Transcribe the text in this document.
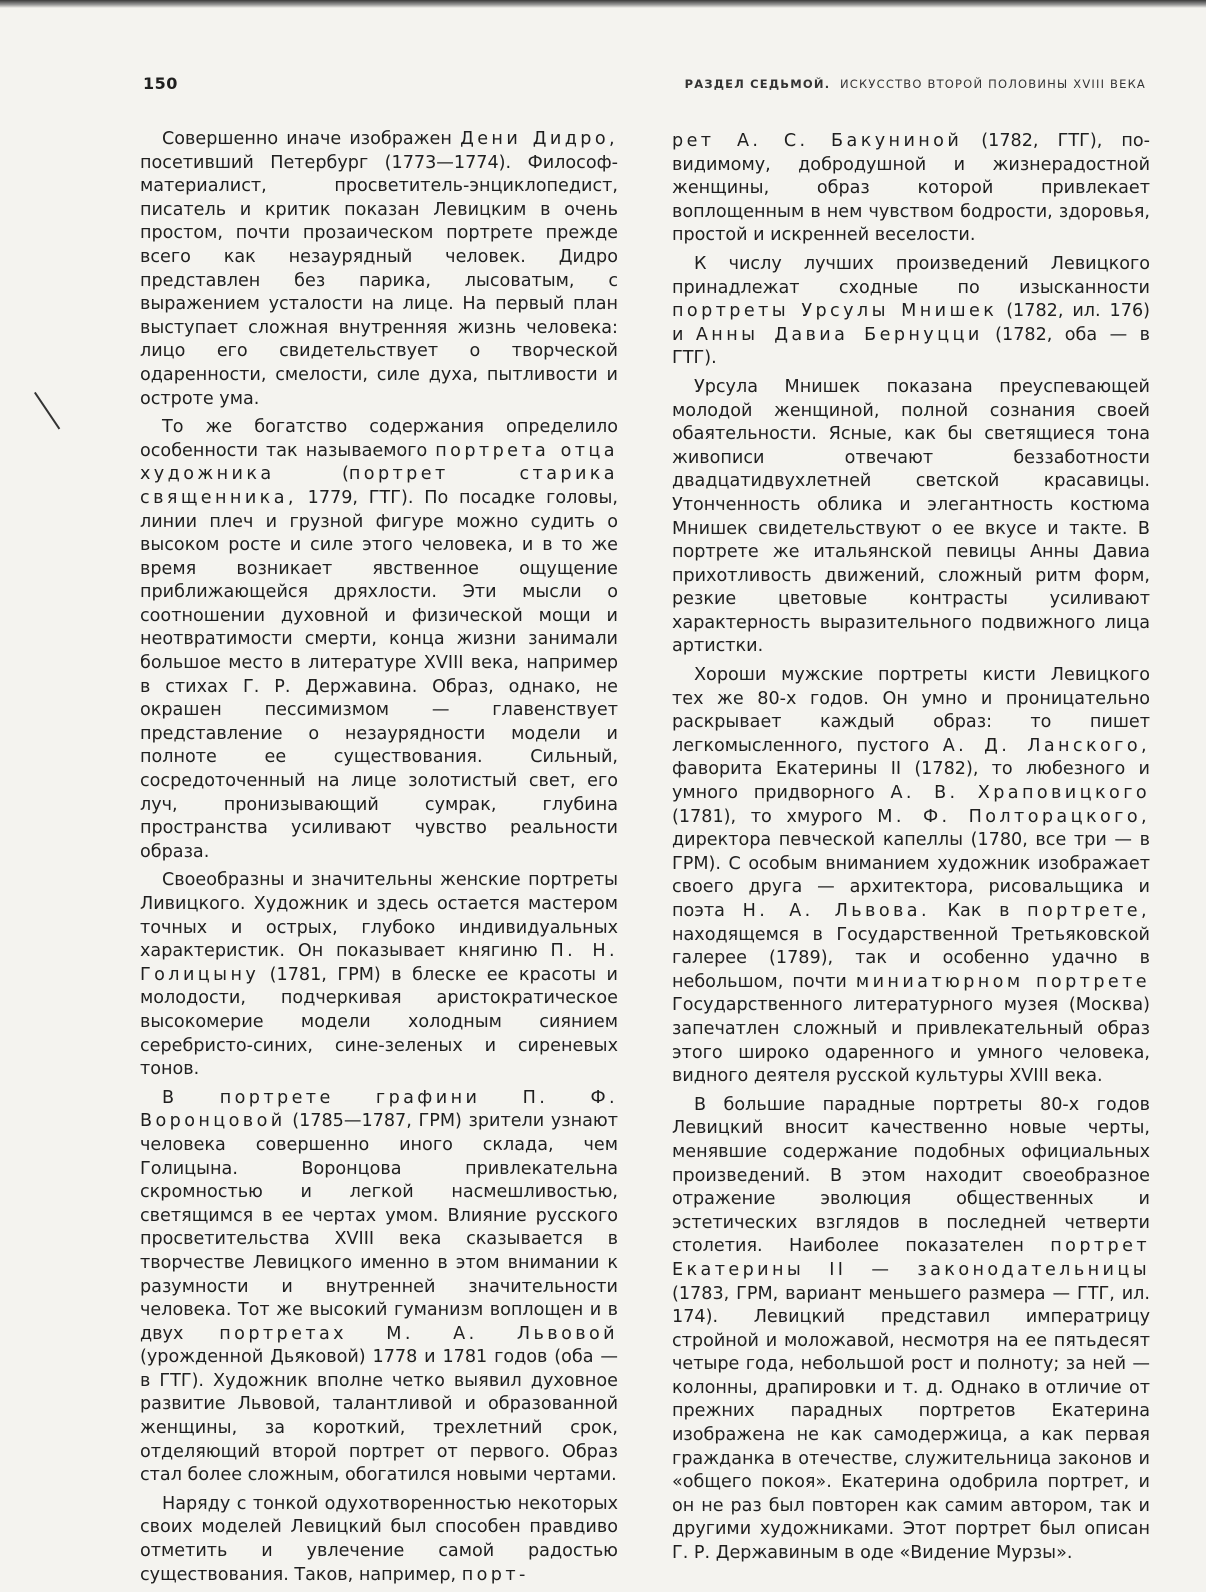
150	РАЗДЕЛ СЕДЬМОЙ. ИСКУССТВО ВТОРОЙ ПОЛОВИНЫ XVIII ВЕКА

Совершенно иначе изображен Дени Дидро, посетивший Петербург (1773—1774). Философ-материалист, просветитель-энциклопедист, писатель и критик показан Левицким в очень простом, почти прозаическом портрете прежде всего как незаурядный человек. Дидро представлен без парика, лысоватым, с выражением усталости на лице. На первый план выступает сложная внутренняя жизнь человека: лицо его свидетельствует о творческой одаренности, смелости, силе духа, пытливости и остроте ума.

То же богатство содержания определило особенности так называемого портрета отца художника (портрет старика священника, 1779, ГТГ). По посадке головы, линии плеч и грузной фигуре можно судить о высоком росте и силе этого человека, и в то же время возникает явственное ощущение приближающейся дряхлости. Эти мысли о соотношении духовной и физической мощи и неотвратимости смерти, конца жизни занимали большое место в литературе XVIII века, например в стихах Г. Р. Державина. Образ, однако, не окрашен пессимизмом — главенствует представление о незаурядности модели и полноте ее существования. Сильный, сосредоточенный на лице золотистый свет, его луч, пронизывающий сумрак, глубина пространства усиливают чувство реальности образа.

Своеобразны и значительны женские портреты Ливицкого. Художник и здесь остается мастером точных и острых, глубоко индивидуальных характеристик. Он показывает княгиню П. Н. Голицыну (1781, ГРМ) в блеске ее красоты и молодости, подчеркивая аристократическое высокомерие модели холодным сиянием серебристо-синих, сине-зеленых и сиреневых тонов.

В портрете графини П. Ф. Воронцовой (1785—1787, ГРМ) зрители узнают человека совершенно иного склада, чем Голицына. Воронцова привлекательна скромностью и легкой насмешливостью, светящимся в ее чертах умом. Влияние русского просветительства XVIII века сказывается в творчестве Левицкого именно в этом внимании к разумности и внутренней значительности человека. Тот же высокий гуманизм воплощен и в двух портретах М. А. Львовой (урожденной Дьяковой) 1778 и 1781 годов (оба — в ГТГ). Художник вполне четко выявил духовное развитие Львовой, талантливой и образованной женщины, за короткий, трехлетний срок, отделяющий второй портрет от первого. Образ стал более сложным, обогатился новыми чертами.

Наряду с тонкой одухотворенностью некоторых своих моделей Левицкий был способен правдиво отметить и увлечение самой радостью существования. Таков, например, порт-

рет А. С. Бакуниной (1782, ГТГ), по-видимому, добродушной и жизнерадостной женщины, образ которой привлекает воплощенным в нем чувством бодрости, здоровья, простой и искренней веселости.

К числу лучших произведений Левицкого принадлежат сходные по изысканности портреты Урсулы Мнишек (1782, ил. 176) и Анны Давиа Бернуцци (1782, оба — в ГТГ).

Урсула Мнишек показана преуспевающей молодой женщиной, полной сознания своей обаятельности. Ясные, как бы светящиеся тона живописи отвечают беззаботности двадцатидвухлетней светской красавицы. Утонченность облика и элегантность костюма Мнишек свидетельствуют о ее вкусе и такте. В портрете же итальянской певицы Анны Давиа прихотливость движений, сложный ритм форм, резкие цветовые контрасты усиливают характерность выразительного подвижного лица артистки.

Хороши мужские портреты кисти Левицкого тех же 80-х годов. Он умно и проницательно раскрывает каждый образ: то пишет легкомысленного, пустого А. Д. Ланского, фаворита Екатерины II (1782), то любезного и умного придворного А. В. Храповицкого (1781), то хмурого М. Ф. Полторацкого, директора певческой капеллы (1780, все три — в ГРМ). С особым вниманием художник изображает своего друга — архитектора, рисовальщика и поэта Н. А. Львова. Как в портрете, находящемся в Государственной Третьяковской галерее (1789), так и особенно удачно в небольшом, почти миниатюрном портрете Государственного литературного музея (Москва) запечатлен сложный и привлекательный образ этого широко одаренного и умного человека, видного деятеля русской культуры XVIII века.

В большие парадные портреты 80-х годов Левицкий вносит качественно новые черты, менявшие содержание подобных официальных произведений. В этом находит своеобразное отражение эволюция общественных и эстетических взглядов в последней четверти столетия. Наиболее показателен портрет Екатерины II — законодательницы (1783, ГРМ, вариант меньшего размера — ГТГ, ил. 174). Левицкий представил императрицу стройной и моложавой, несмотря на ее пятьдесят четыре года, небольшой рост и полноту; за ней — колонны, драпировки и т. д. Однако в отличие от прежних парадных портретов Екатерина изображена не как самодержица, а как первая гражданка в отечестве, служительница законов и «общего покоя». Екатерина одобрила портрет, и он не раз был повторен как самим автором, так и другими художниками. Этот портрет был описан Г. Р. Державиным в оде «Видение Мурзы».
